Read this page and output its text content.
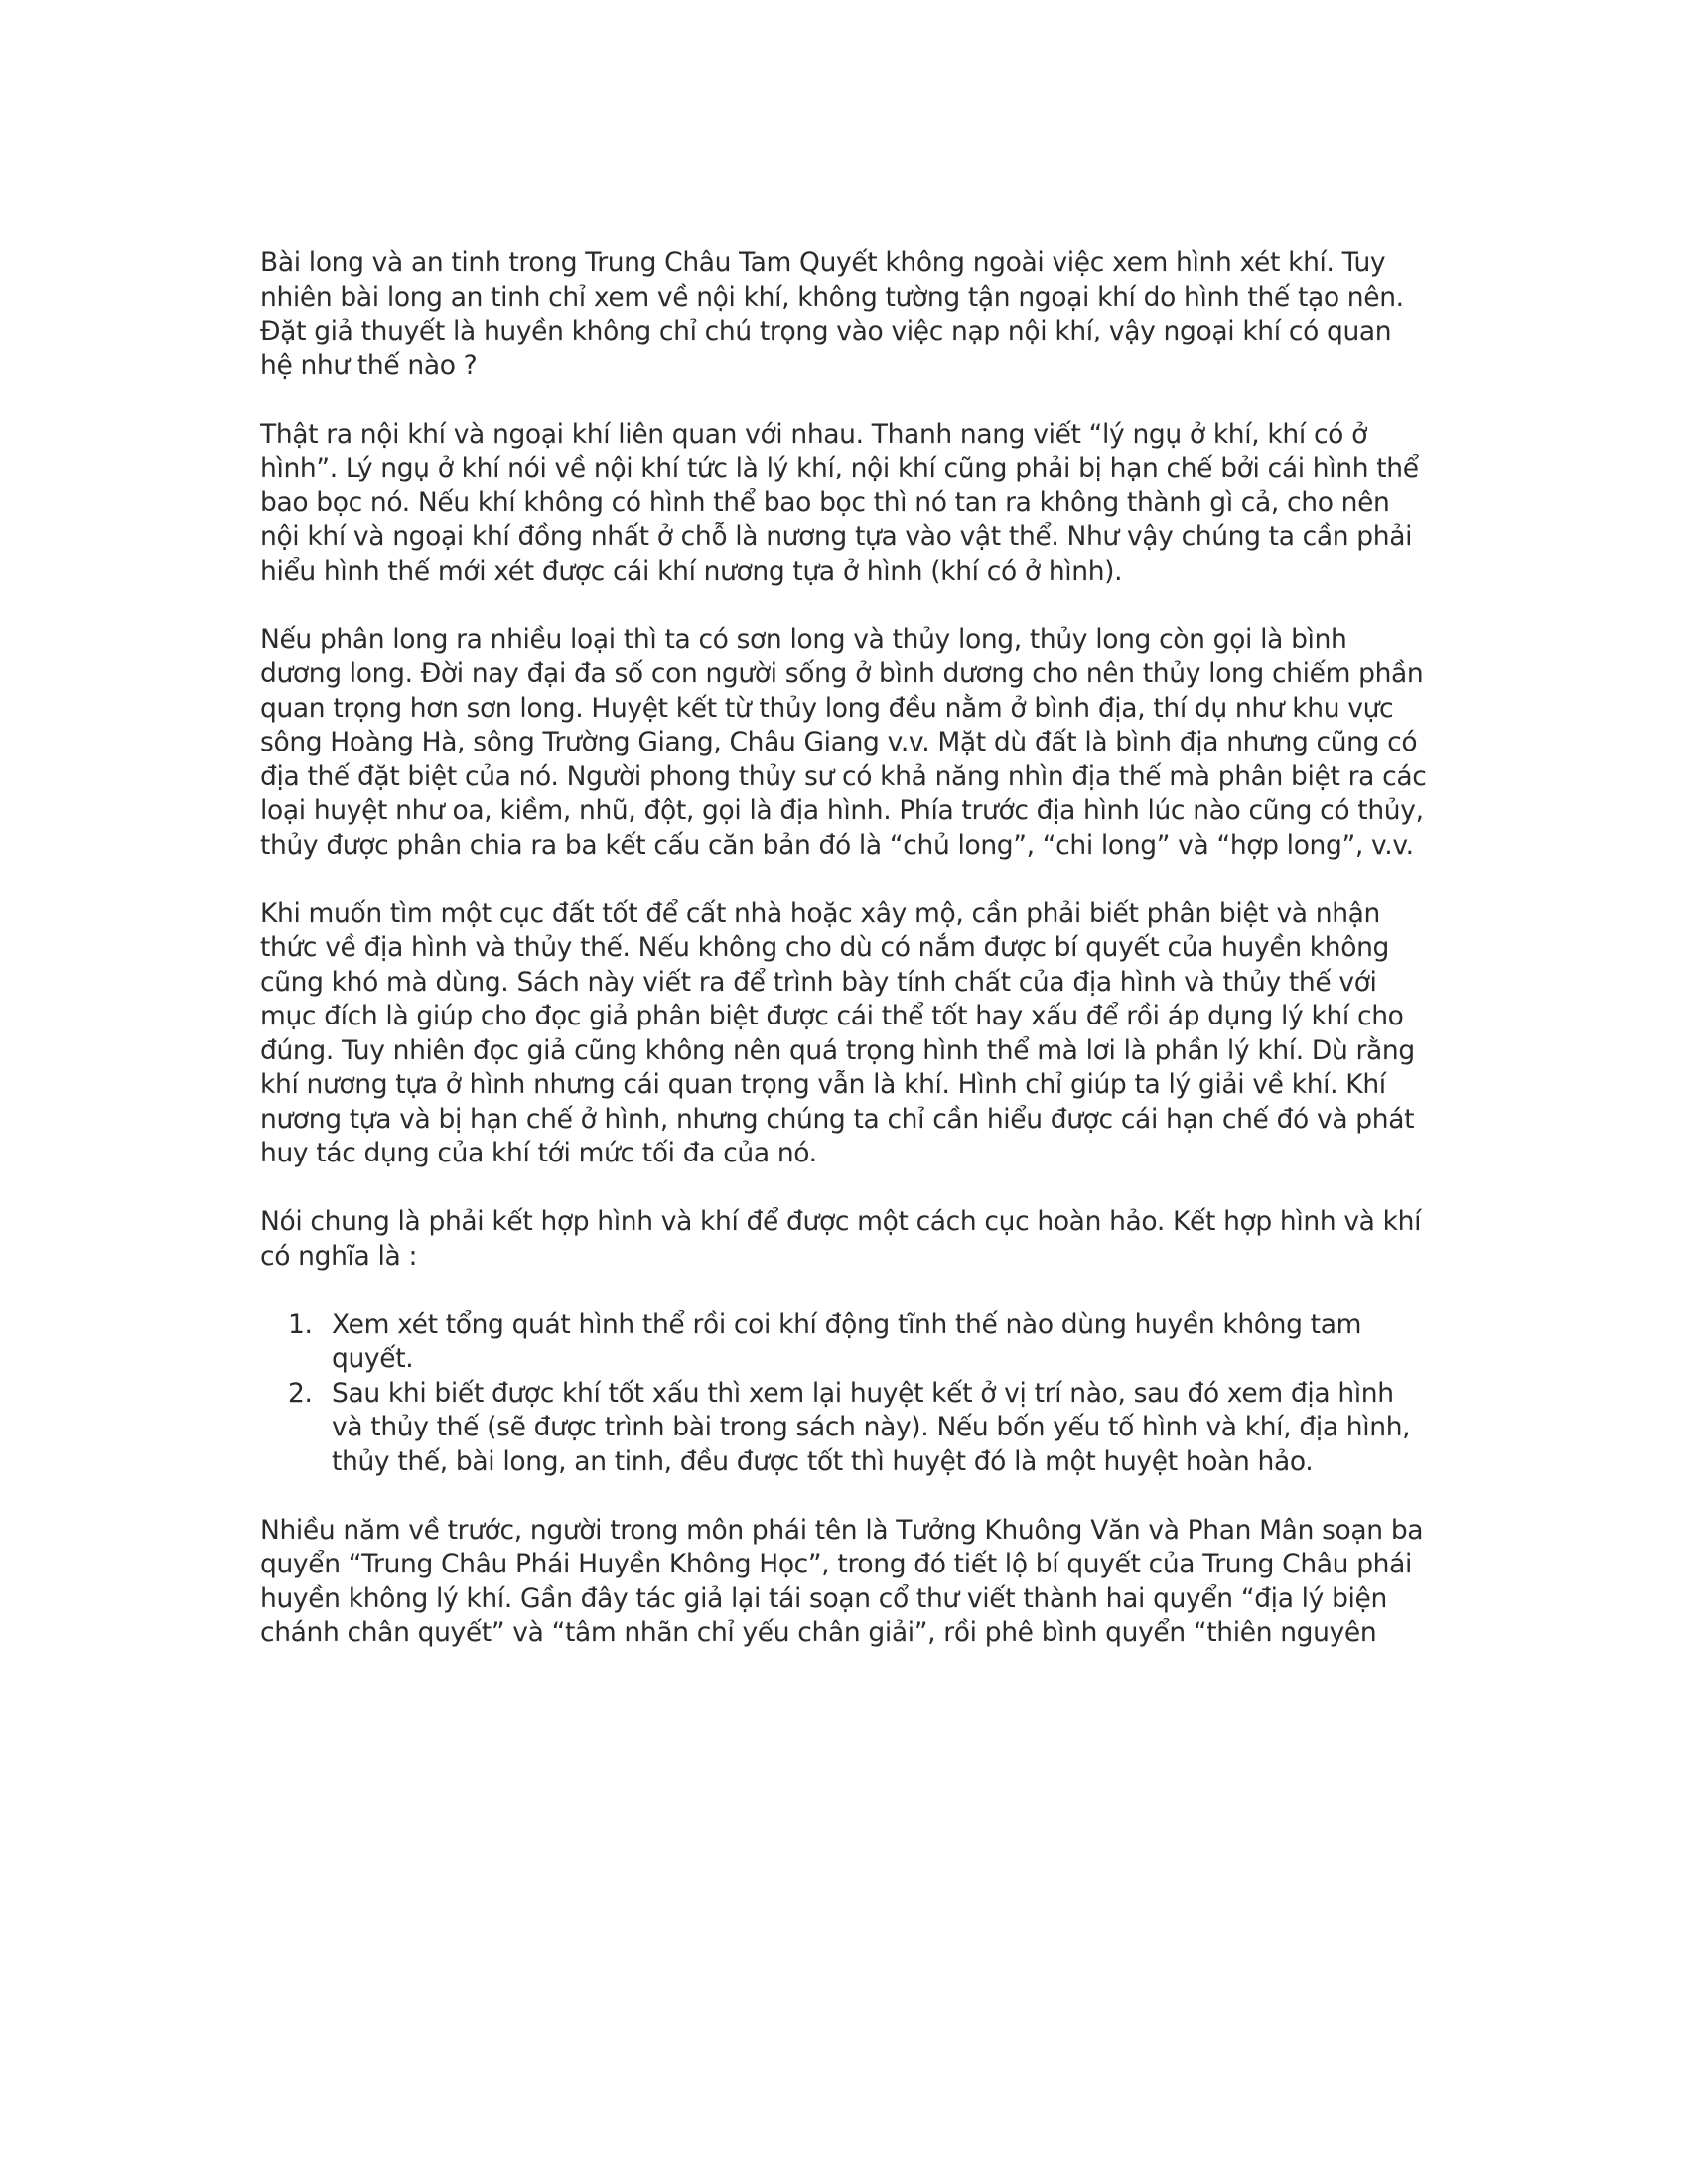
Bài long và an tinh trong Trung Châu Tam Quyết không ngoài việc xem hình xét khí. Tuy nhiên bài long an tinh chỉ xem về nội khí, không tường tận ngoại khí do hình thế tạo nên. Đặt giả thuyết là huyền không chỉ chú trọng vào việc nạp nội khí, vậy ngoại khí có quan hệ như thế nào ?

Thật ra nội khí và ngoại khí liên quan với nhau. Thanh nang viết “lý ngụ ở khí, khí có ở hình”. Lý ngụ ở khí nói về nội khí tức là lý khí, nội khí cũng phải bị hạn chế bởi cái hình thể bao bọc nó. Nếu khí không có hình thể bao bọc thì nó tan ra không thành gì cả, cho nên nội khí và ngoại khí đồng nhất ở chỗ là nương tựa vào vật thể. Như vậy chúng ta cần phải hiểu hình thế mới xét được cái khí nương tựa ở hình (khí có ở hình).

Nếu phân long ra nhiều loại thì ta có sơn long và thủy long, thủy long còn gọi là bình dương long. Đời nay đại đa số con người sống ở bình dương cho nên thủy long chiếm phần quan trọng hơn sơn long. Huyệt kết từ thủy long đều nằm ở bình địa, thí dụ như khu vực sông Hoàng Hà, sông Trường Giang, Châu Giang v.v. Mặt dù đất là bình địa nhưng cũng có địa thế đặt biệt của nó. Người phong thủy sư có khả năng nhìn địa thế mà phân biệt ra các loại huyệt như oa, kiềm, nhũ, đột, gọi là địa hình. Phía trước địa hình lúc nào cũng có thủy, thủy được phân chia ra ba kết cấu căn bản đó là “chủ long”, “chi long” và “hợp long”, v.v.

Khi muốn tìm một cục đất tốt để cất nhà hoặc xây mộ, cần phải biết phân biệt và nhận thức về địa hình và thủy thế. Nếu không cho dù có nắm được bí quyết của huyền không cũng khó mà dùng. Sách này viết ra để trình bày tính chất của địa hình và thủy thế với mục đích là giúp cho đọc giả phân biệt được cái thể tốt hay xấu để rồi áp dụng lý khí cho đúng. Tuy nhiên đọc giả cũng không nên quá trọng hình thể mà lơi là phần lý khí. Dù rằng khí nương tựa ở hình nhưng cái quan trọng vẫn là khí. Hình chỉ giúp ta lý giải về khí. Khí nương tựa và bị hạn chế ở hình, nhưng chúng ta chỉ cần hiểu được cái hạn chế đó và phát huy tác dụng của khí tới mức tối đa của nó.

Nói chung là phải kết hợp hình và khí để được một cách cục hoàn hảo. Kết hợp hình và khí có nghĩa là :

1. Xem xét tổng quát hình thể rồi coi khí động tĩnh thế nào dùng huyền không tam quyết.
2. Sau khi biết được khí tốt xấu thì xem lại huyệt kết ở vị trí nào, sau đó xem địa hình và thủy thế (sẽ được trình bài trong sách này). Nếu bốn yếu tố hình và khí, địa hình, thủy thế, bài long, an tinh, đều được tốt thì huyệt đó là một huyệt hoàn hảo.

Nhiều năm về trước, người trong môn phái tên là Tưởng Khuông Văn và Phan Mân soạn ba quyển “Trung Châu Phái Huyền Không Học”, trong đó tiết lộ bí quyết của Trung Châu phái huyền không lý khí. Gần đây tác giả lại tái soạn cổ thư viết thành hai quyển “địa lý biện chánh chân quyết” và “tâm nhãn chỉ yếu chân giải”, rồi phê bình quyển “thiên nguyên
